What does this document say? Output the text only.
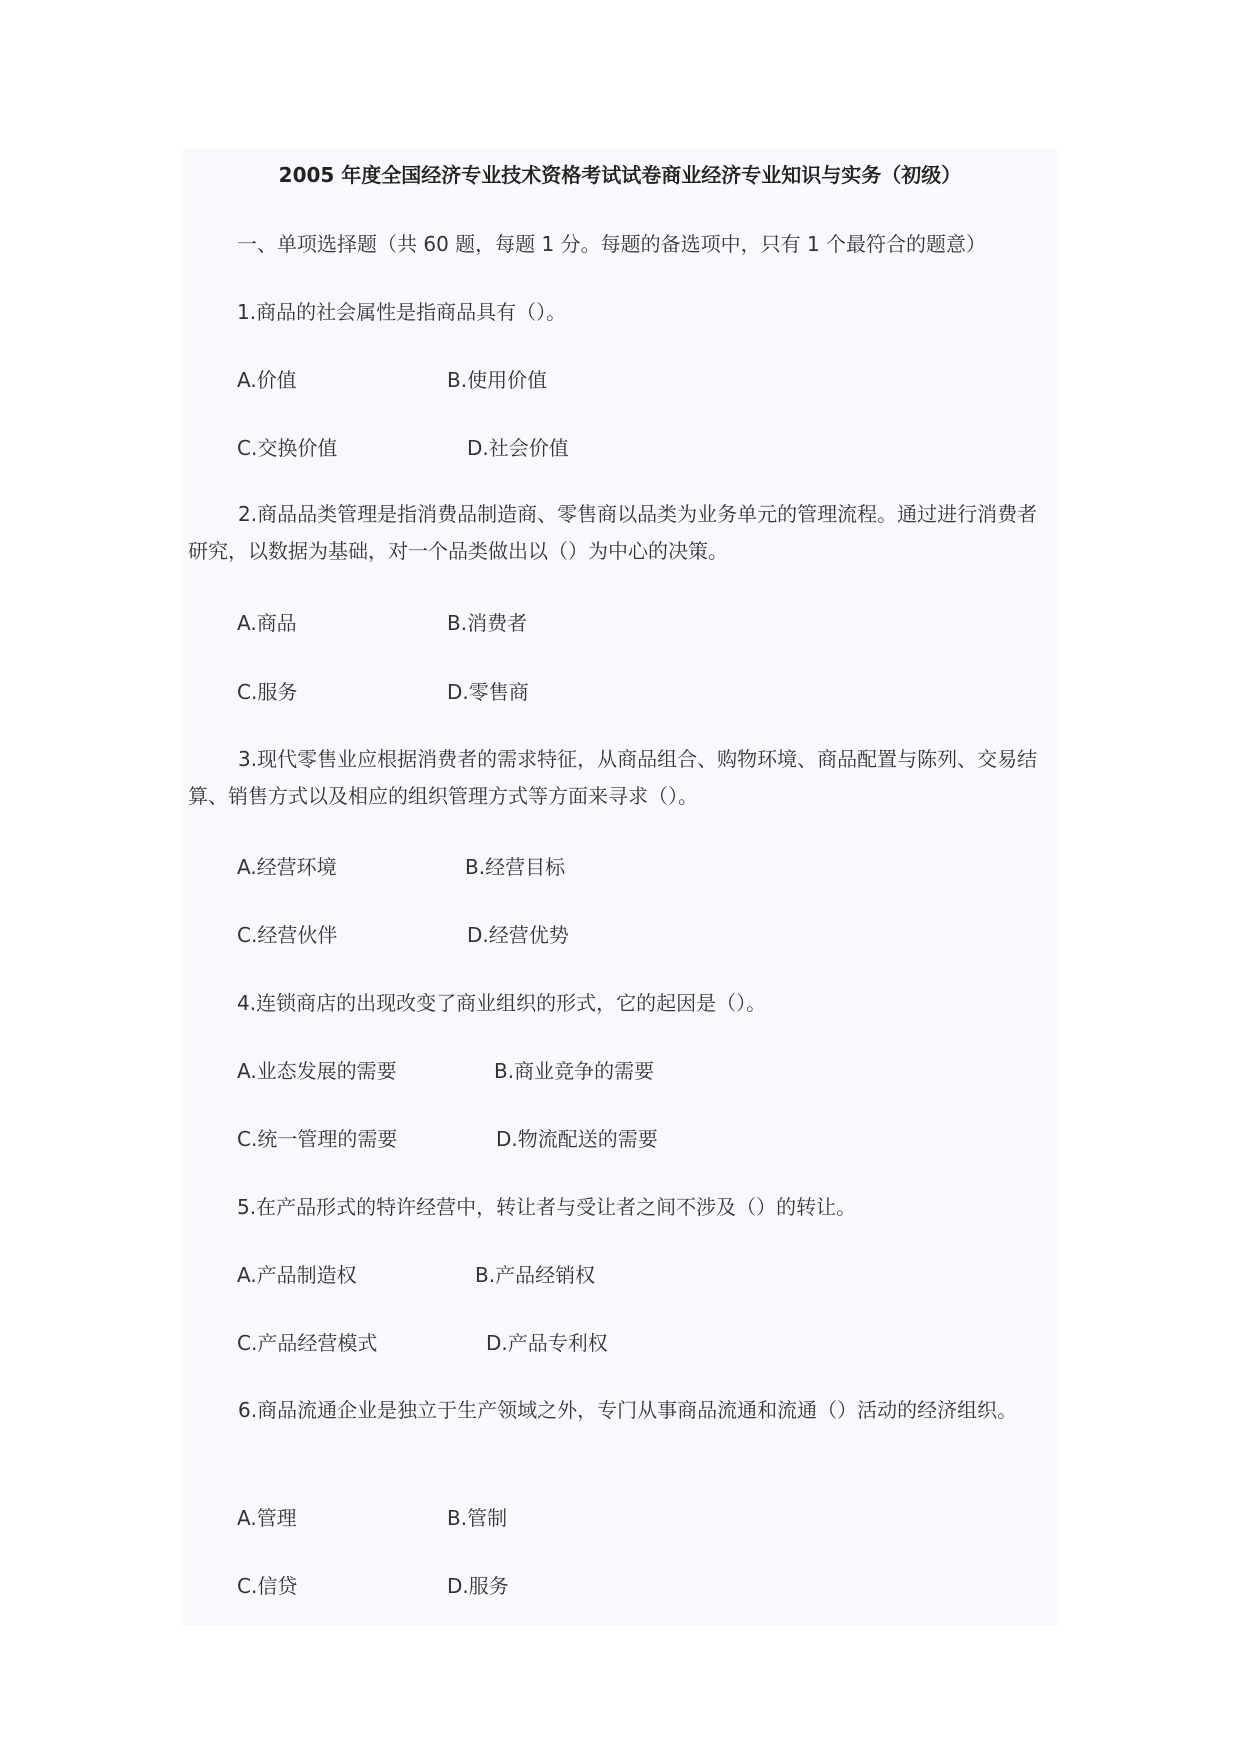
2005 年度全国经济专业技术资格考试试卷商业经济专业知识与实务（初级）
一、单项选择题（共 60 题，每题 1 分。每题的备选项中，只有 1 个最符合的题意）
1.商品的社会属性是指商品具有（）。
A.价值	B.使用价值
C.交换价值	D.社会价值
2.商品品类管理是指消费品制造商、零售商以品类为业务单元的管理流程。通过进行消费者研究，以数据为基础，对一个品类做出以（）为中心的决策。
A.商品	B.消费者
C.服务	D.零售商
3.现代零售业应根据消费者的需求特征，从商品组合、购物环境、商品配置与陈列、交易结算、销售方式以及相应的组织管理方式等方面来寻求（）。
A.经营环境	B.经营目标
C.经营伙伴	D.经营优势
4.连锁商店的出现改变了商业组织的形式，它的起因是（）。
A.业态发展的需要	B.商业竞争的需要
C.统一管理的需要	D.物流配送的需要
5.在产品形式的特许经营中，转让者与受让者之间不涉及（）的转让。
A.产品制造权	B.产品经销权
C.产品经营模式	D.产品专利权
6.商品流通企业是独立于生产领域之外，专门从事商品流通和流通（）活动的经济组织。
A.管理	B.管制
C.信贷	D.服务
